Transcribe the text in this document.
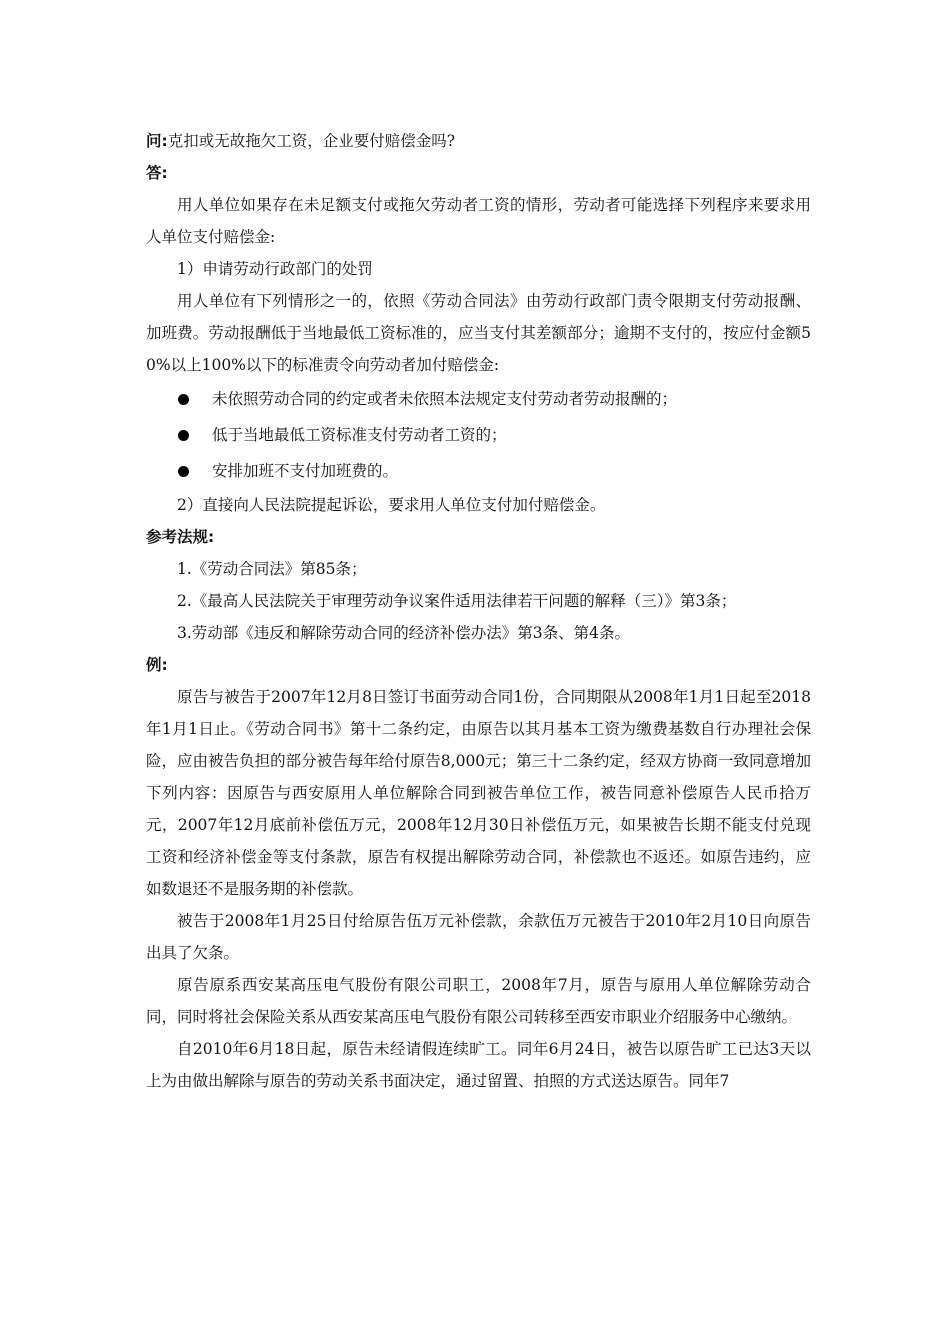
问:克扣或无故拖欠工资，企业要付赔偿金吗?
答:
用人单位如果存在未足额支付或拖欠劳动者工资的情形，劳动者可能选择下列程序来要求用人单位支付赔偿金:
1）申请劳动行政部门的处罚
用人单位有下列情形之一的，依照《劳动合同法》由劳动行政部门责令限期支付劳动报酬、加班费。劳动报酬低于当地最低工资标准的，应当支付其差额部分；逾期不支付的，按应付金额50%以上100%以下的标准责令向劳动者加付赔偿金:
未依照劳动合同的约定或者未依照本法规定支付劳动者劳动报酬的；
低于当地最低工资标准支付劳动者工资的；
安排加班不支付加班费的。
2）直接向人民法院提起诉讼，要求用人单位支付加付赔偿金。
参考法规:
1.《劳动合同法》第85条；
2.《最高人民法院关于审理劳动争议案件适用法律若干问题的解释（三）》第3条；
3.劳动部《违反和解除劳动合同的经济补偿办法》第3条、第4条。
例:
原告与被告于2007年12月8日签订书面劳动合同1份，合同期限从2008年1月1日起至2018年1月1日止。《劳动合同书》第十二条约定，由原告以其月基本工资为缴费基数自行办理社会保险，应由被告负担的部分被告每年给付原告8,000元；第三十二条约定，经双方协商一致同意增加下列内容：因原告与西安原用人单位解除合同到被告单位工作，被告同意补偿原告人民币拾万元，2007年12月底前补偿伍万元，2008年12月30日补偿伍万元，如果被告长期不能支付兑现工资和经济补偿金等支付条款，原告有权提出解除劳动合同，补偿款也不返还。如原告违约，应如数退还不是服务期的补偿款。
被告于2008年1月25日付给原告伍万元补偿款，余款伍万元被告于2010年2月10日向原告出具了欠条。
原告原系西安某高压电气股份有限公司职工，2008年7月，原告与原用人单位解除劳动合同，同时将社会保险关系从西安某高压电气股份有限公司转移至西安市职业介绍服务中心缴纳。
自2010年6月18日起，原告未经请假连续旷工。同年6月24日，被告以原告旷工已达3天以上为由做出解除与原告的劳动关系书面决定，通过留置、拍照的方式送达原告。同年7
